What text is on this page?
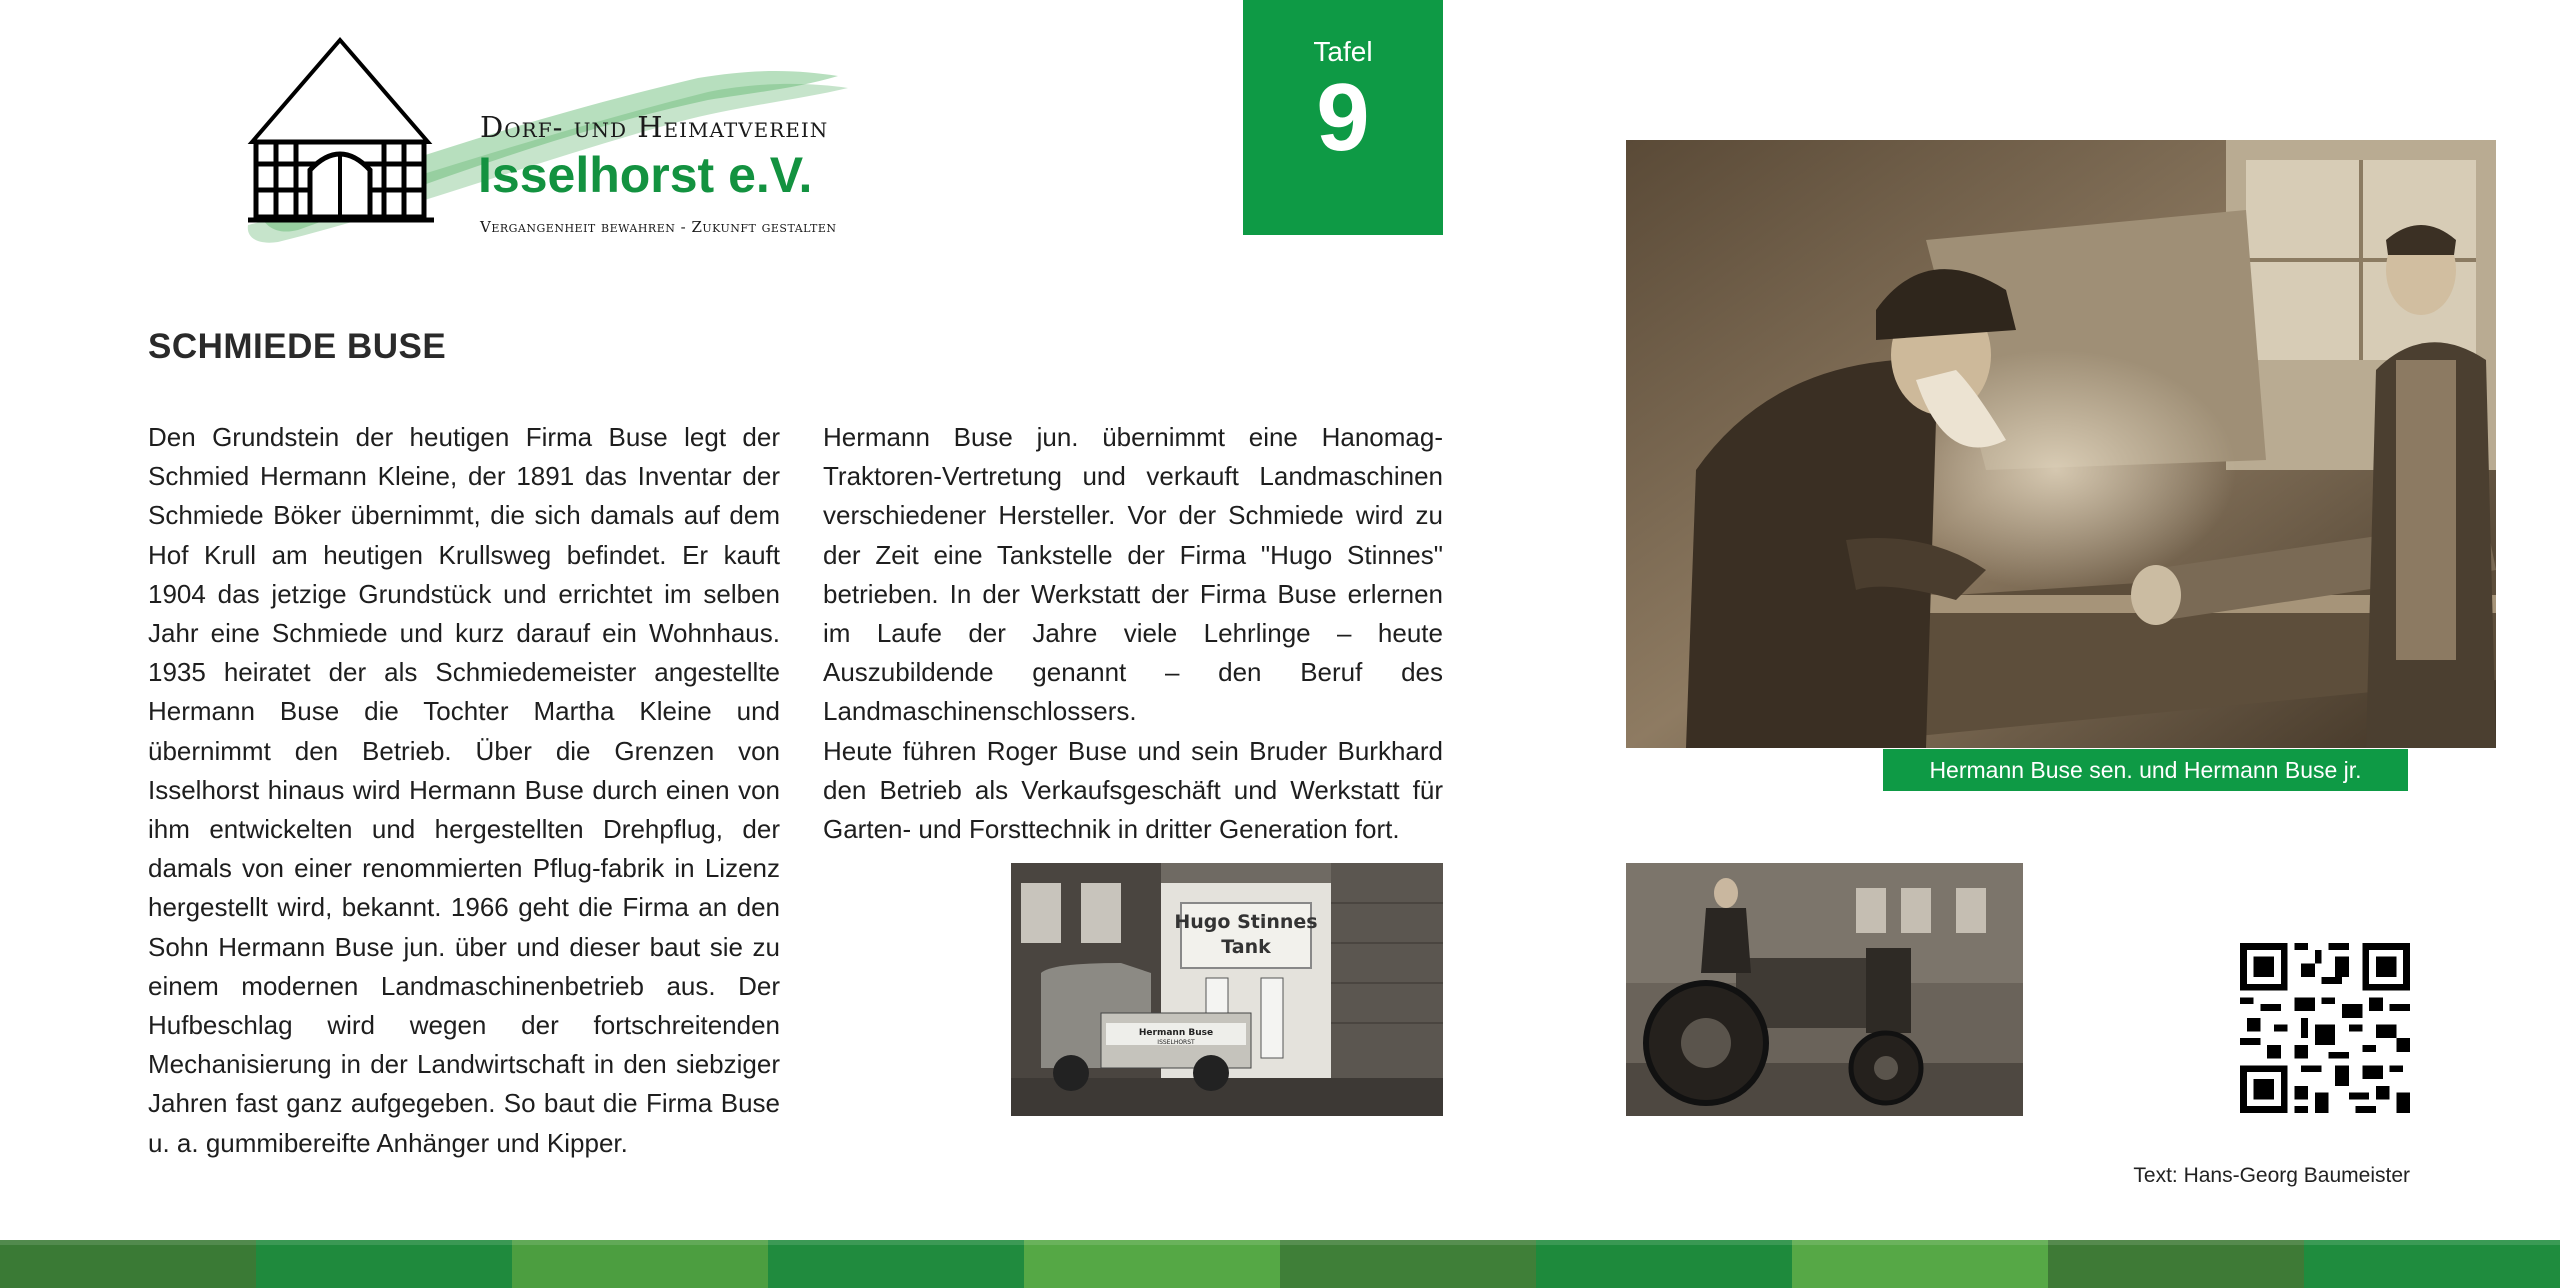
Dorf- und Heimatverein
Isselhorst e.V.
Vergangenheit bewahren - Zukunft gestalten
Tafel
9
SCHMIEDE BUSE

Den Grundstein der heutigen Firma Buse legt der Schmied Hermann Kleine, der 1891 das Inventar der Schmiede Böker übernimmt, die sich damals auf dem Hof Krull am heutigen Krullsweg befindet. Er kauft 1904 das jetzige Grundstück und errichtet im selben Jahr eine Schmiede und kurz darauf ein Wohnhaus. 1935 heiratet der als Schmiedemeister angestellte Hermann Buse die Tochter Martha Kleine und übernimmt den Betrieb. Über die Grenzen von Isselhorst hinaus wird Hermann Buse durch einen von ihm entwickelten und hergestellten Drehpflug, der damals von einer renommierten Pflug-fabrik in Lizenz hergestellt wird, bekannt. 1966 geht die Firma an den Sohn Hermann Buse jun. über und dieser baut sie zu einem modernen Landmaschinenbetrieb aus. Der Hufbeschlag wird wegen der fortschreitenden Mechanisierung in der Landwirtschaft in den siebziger Jahren fast ganz aufgegeben. So baut die Firma Buse u. a. gummibereifte Anhänger und Kipper.

Hermann Buse jun. übernimmt eine Hanomag-Traktoren-Vertretung und verkauft Landmaschinen verschiedener Hersteller. Vor der Schmiede wird zu der Zeit eine Tankstelle der Firma "Hugo Stinnes" betrieben. In der Werkstatt der Firma Buse erlernen im Laufe der Jahre viele Lehrlinge – heute Auszubildende genannt – den Beruf des Landmaschinenschlossers.

Heute führen Roger Buse und sein Bruder Burkhard den Betrieb als Verkaufsgeschäft und Werkstatt für Garten- und Forsttechnik in dritter Generation fort.

Hermann Buse sen. und Hermann Buse jr.
Hugo Stinnes
Tank
Hermann Buse
ISSELHORST
Text: Hans-Georg Baumeister
